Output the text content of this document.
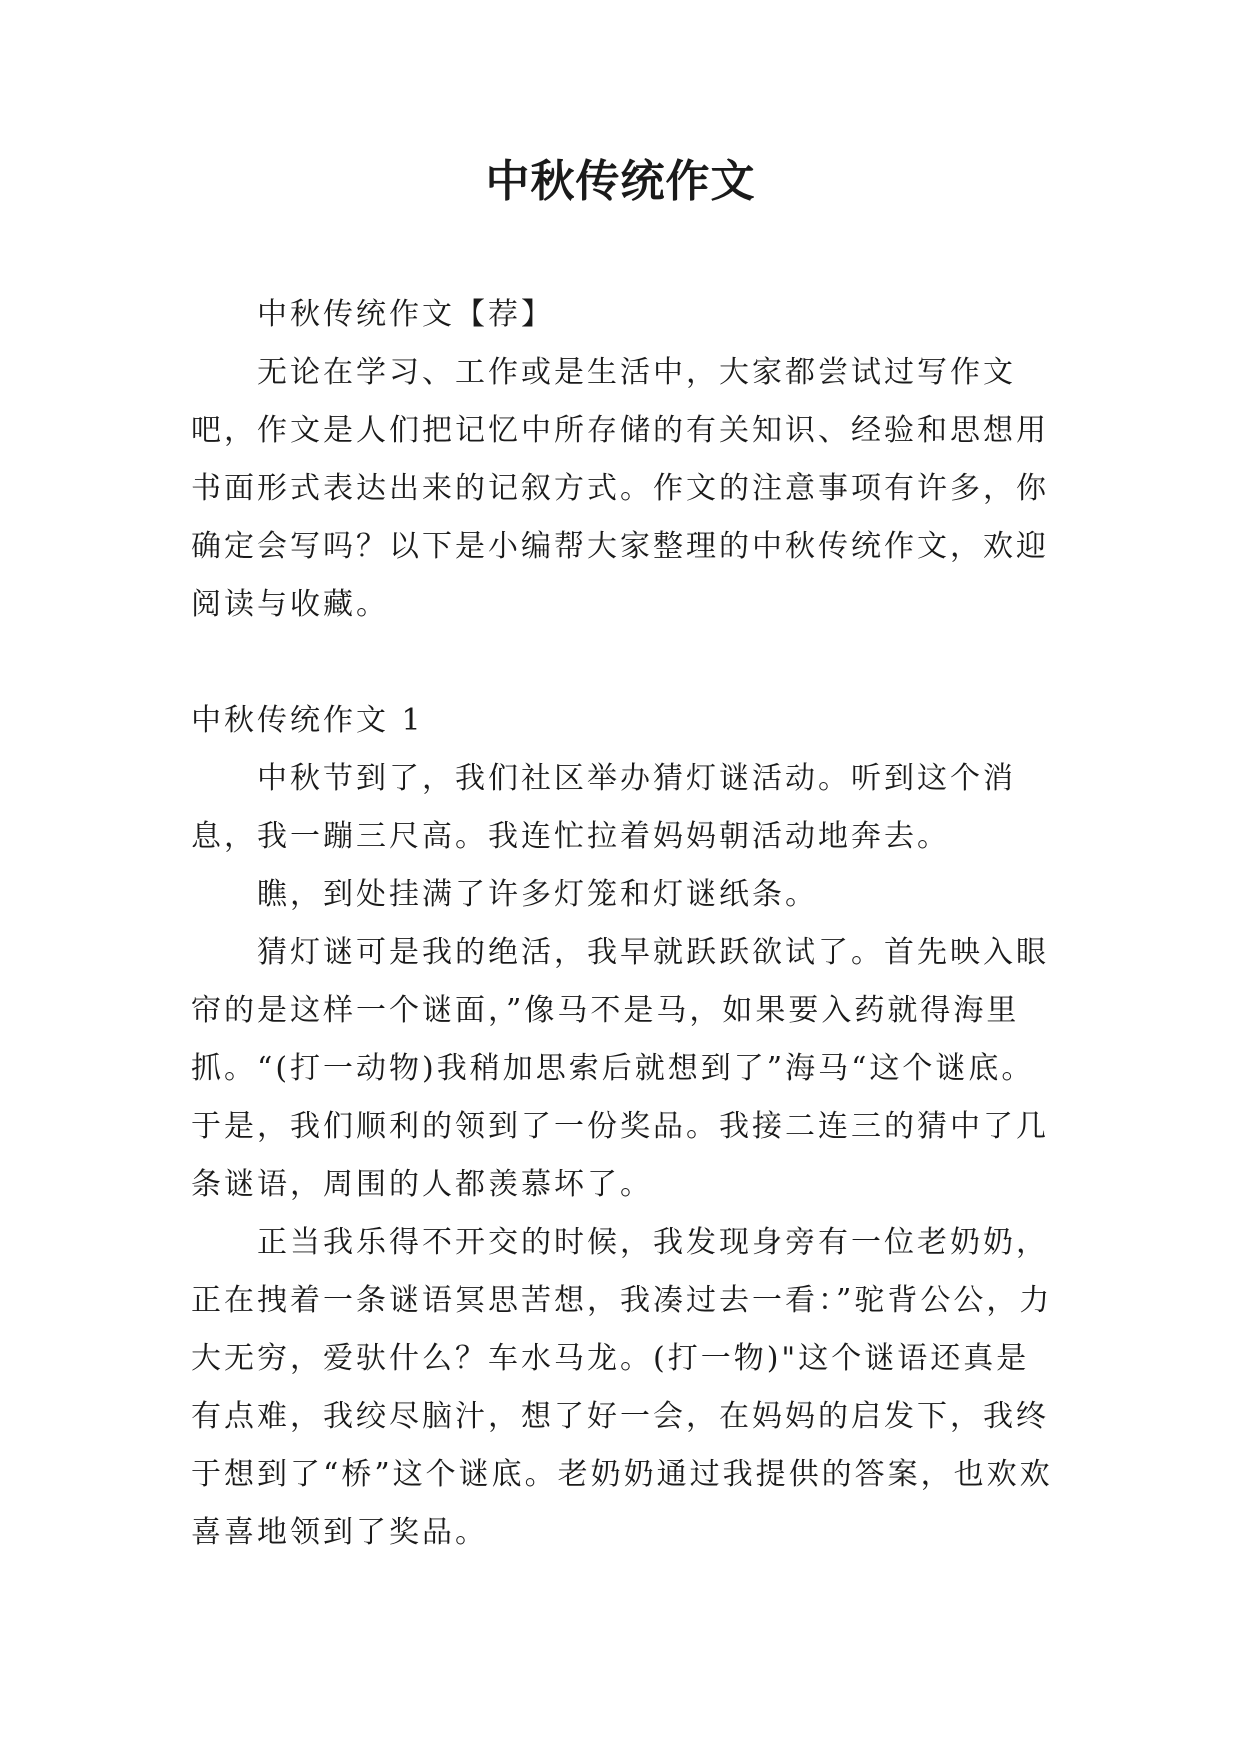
中秋传统作文

中秋传统作文【荐】

无论在学习、工作或是生活中，大家都尝试过写作文吧，作文是人们把记忆中所存储的有关知识、经验和思想用书面形式表达出来的记叙方式。作文的注意事项有许多，你确定会写吗？以下是小编帮大家整理的中秋传统作文，欢迎阅读与收藏。

中秋传统作文 1

中秋节到了，我们社区举办猜灯谜活动。听到这个消息，我一蹦三尺高。我连忙拉着妈妈朝活动地奔去。

瞧，到处挂满了许多灯笼和灯谜纸条。

猜灯谜可是我的绝活，我早就跃跃欲试了。首先映入眼帘的是这样一个谜面，”像马不是马，如果要入药就得海里抓。“(打一动物)我稍加思索后就想到了”海马“这个谜底。于是，我们顺利的领到了一份奖品。我接二连三的猜中了几条谜语，周围的人都羡慕坏了。

正当我乐得不开交的时候，我发现身旁有一位老奶奶，正在拽着一条谜语冥思苦想，我凑过去一看：”驼背公公，力大无穷，爱驮什么？车水马龙。(打一物)"这个谜语还真是有点难，我绞尽脑汁，想了好一会，在妈妈的启发下，我终于想到了“桥”这个谜底。老奶奶通过我提供的答案，也欢欢喜喜地领到了奖品。
